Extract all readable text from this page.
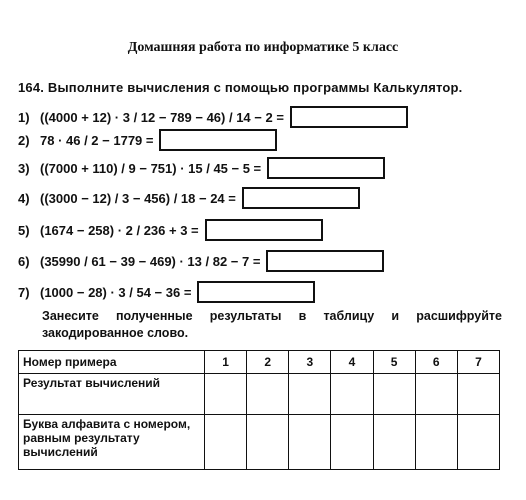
Домашняя работа по информатике 5 класс
164. Выполните вычисления с помощью программы Калькулятор.
1) ((4000 + 12) · 3 / 12 − 789 − 46) / 14 − 2 =
2) 78 · 46 / 2 − 1779 =
3) ((7000 + 110) / 9 − 751) · 15 / 45 − 5 =
4) ((3000 − 12) / 3 − 456) / 18 − 24 =
5) (1674 − 258) · 2 / 236 + 3 =
6) (35990 / 61 − 39 − 469) · 13 / 82 − 7 =
7) (1000 − 28) · 3 / 54 − 36 =
Занесите полученные результаты в таблицу и расшифруйте закодированное слово.
Номер примера	1	2	3	4	5	6	7
Результат вычислений							
Буква алфавита с номером, равным результату вычислений							
